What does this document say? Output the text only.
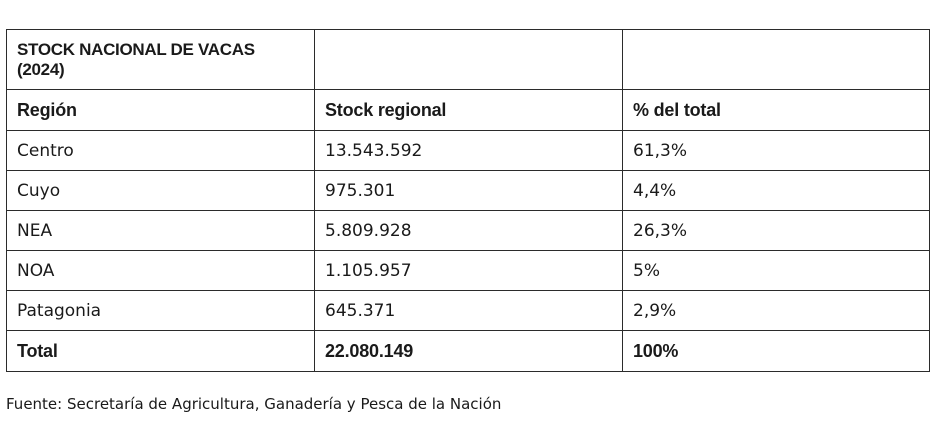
STOCK NACIONAL DE VACAS (2024)		
Región	Stock regional	% del total
Centro	13.543.592	61,3%
Cuyo	975.301	4,4%
NEA	5.809.928	26,3%
NOA	1.105.957	5%
Patagonia	645.371	2,9%
Total	22.080.149	100%
Fuente: Secretaría de Agricultura, Ganadería y Pesca de la Nación
